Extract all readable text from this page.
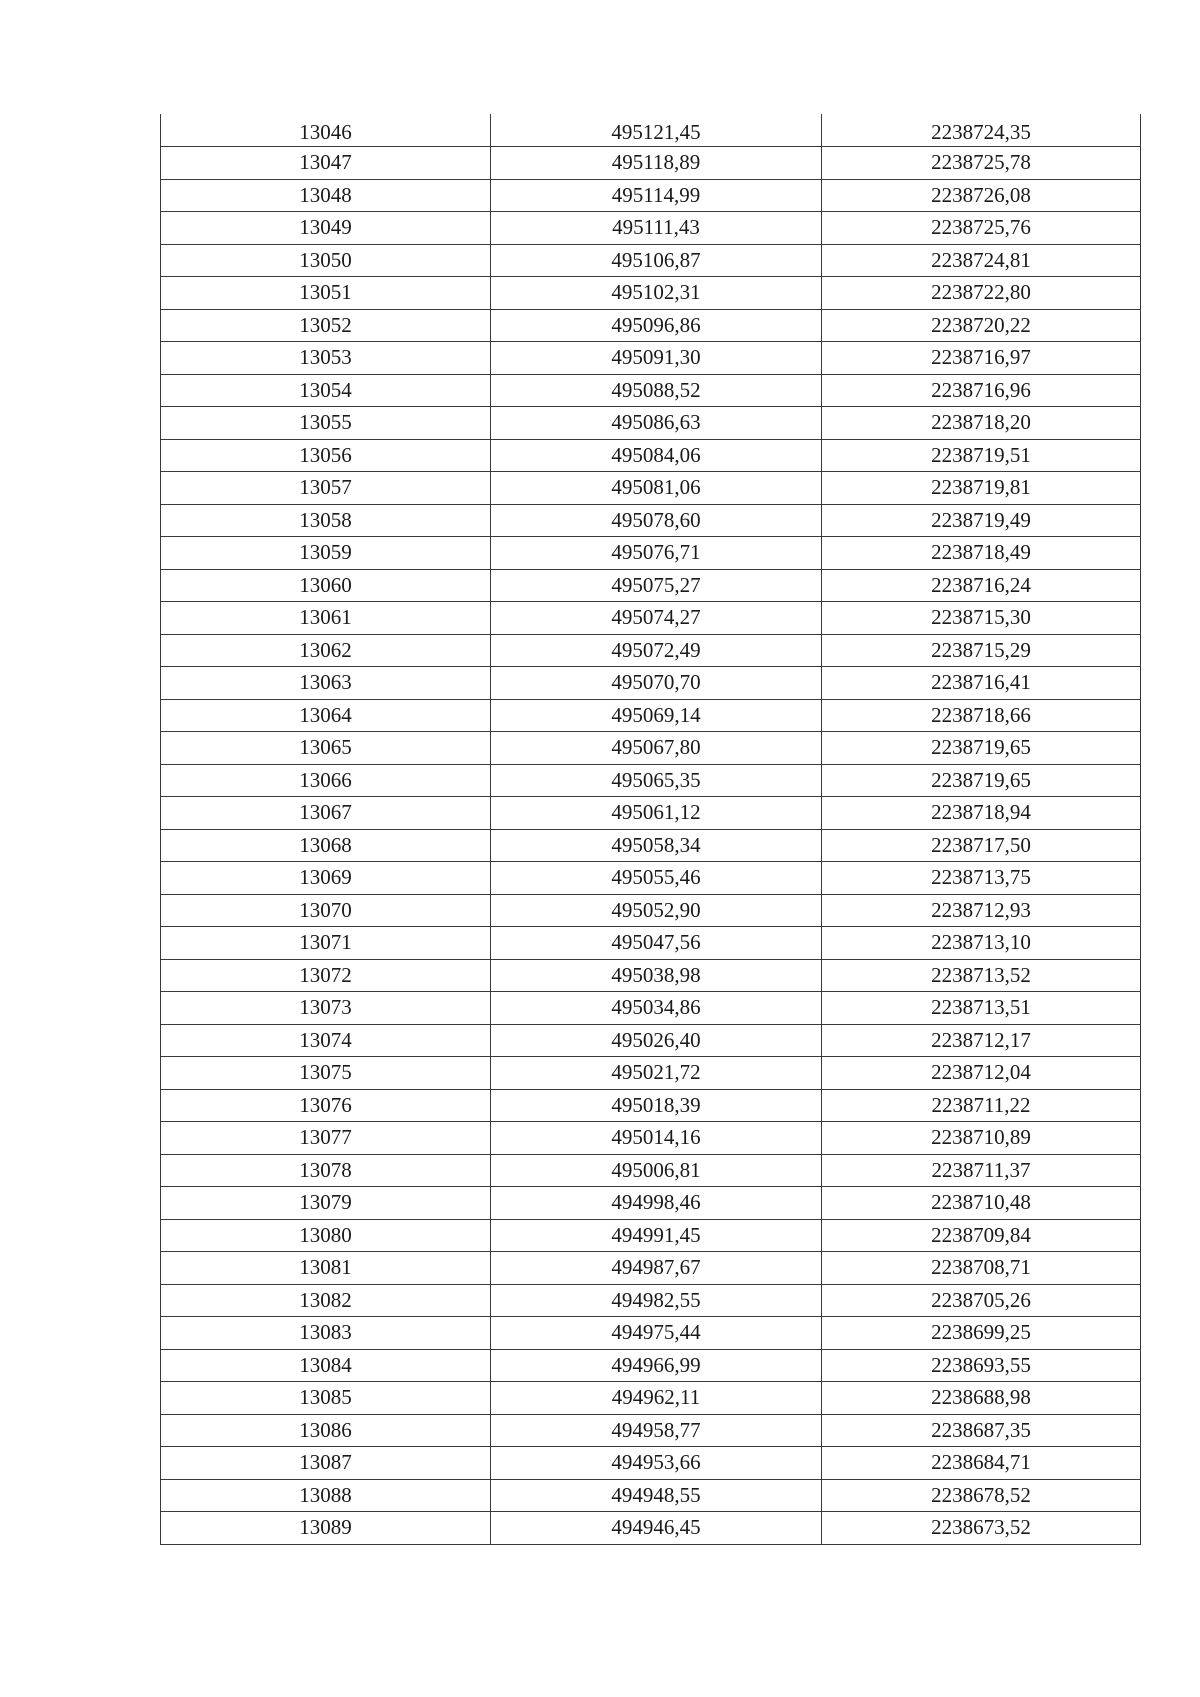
13046	495121,45	2238724,35
13047	495118,89	2238725,78
13048	495114,99	2238726,08
13049	495111,43	2238725,76
13050	495106,87	2238724,81
13051	495102,31	2238722,80
13052	495096,86	2238720,22
13053	495091,30	2238716,97
13054	495088,52	2238716,96
13055	495086,63	2238718,20
13056	495084,06	2238719,51
13057	495081,06	2238719,81
13058	495078,60	2238719,49
13059	495076,71	2238718,49
13060	495075,27	2238716,24
13061	495074,27	2238715,30
13062	495072,49	2238715,29
13063	495070,70	2238716,41
13064	495069,14	2238718,66
13065	495067,80	2238719,65
13066	495065,35	2238719,65
13067	495061,12	2238718,94
13068	495058,34	2238717,50
13069	495055,46	2238713,75
13070	495052,90	2238712,93
13071	495047,56	2238713,10
13072	495038,98	2238713,52
13073	495034,86	2238713,51
13074	495026,40	2238712,17
13075	495021,72	2238712,04
13076	495018,39	2238711,22
13077	495014,16	2238710,89
13078	495006,81	2238711,37
13079	494998,46	2238710,48
13080	494991,45	2238709,84
13081	494987,67	2238708,71
13082	494982,55	2238705,26
13083	494975,44	2238699,25
13084	494966,99	2238693,55
13085	494962,11	2238688,98
13086	494958,77	2238687,35
13087	494953,66	2238684,71
13088	494948,55	2238678,52
13089	494946,45	2238673,52
